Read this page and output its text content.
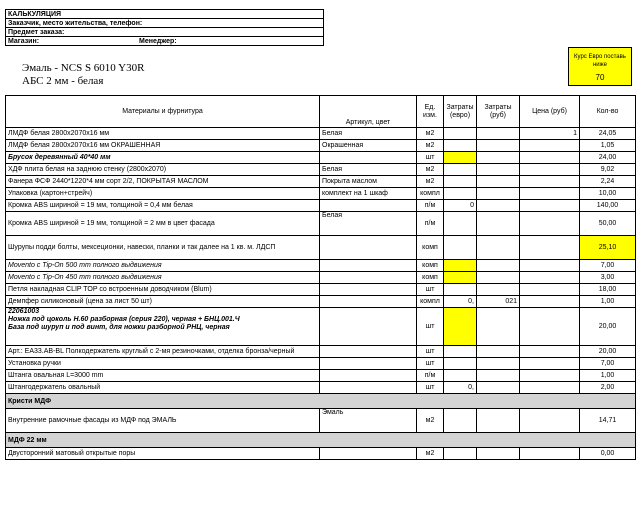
КАЛЬКУЛЯЦИЯ
Заказчик, место жительства, телефон:
Предмет заказа:
Магазин:	Менеджер:
Эмаль - NCS S 6010 Y30R
АБС 2 мм - белая
Курс Евро поставь ниже
70
Материалы и фурнитура	Артикул, цвет	Ед. изм.	Затраты (евро)	Затраты (руб)	Цена (руб)	Кол-во
ЛМДФ белая 2800x2070x16 мм	Белая	м2			1	24,05
ЛМДФ белая 2800x2070x16 мм ОКРАШЕННАЯ	Окрашенная	м2				1,05
Брусок деревянный 40*40 мм		шт				24,00
ХДФ плита белая на заднюю стенку (2800x2070)	Белая	м2				9,02
Фанера ФСФ 2440*1220*4 мм сорт 2/2, ПОКРЫТАЯ МАСЛОМ	Покрыта маслом	м2				2,24
Упаковка (картон+стрейч)	комплект на 1 шкаф	компл				10,00
Кромка ABS шириной = 19 мм, толщиной = 0,4 мм белая		п/м	0			140,00
Кромка ABS шириной = 19 мм, толщиной = 2 мм в цвет фасада	Белая	п/м				50,00
Шурупы подди болты, мексеционки, навески, планки и так далее на 1 кв. м. ЛДСП		комп				25,10
Movento с Tip-On 500 mm полного выдвижения		комп				7,00
Movento с Tip-On 450 mm полного выдвижения		комп				3,00
Петля накладная CLIP TOP со встроенным доводчиком (Blum)		шт				18,00
Демпфер силиконовый (цена за лист 50 шт)		компл	0,	021		1,00

22061003
Ножка под цоколь Н.60 разборная (серия 220), черная + БНЦ.001.Ч
База под шуруп и под винт, для ножки разборной РНЦ, черная		шт				20,00
Арт.: EA33.AB-BL Полкодержатель круглый с 2-мя резиночками, отделка бронза/черный		шт				20,00
Установка ручки		шт				7,00
Штанга овальная L=3000 mm		п/м				1,00
Штангодержатель овальный		шт	0,			2,00
Кристи МДФ						
Внутренние рамочные фасады из МДФ под ЭМАЛЬ	Эмаль	м2				14,71
МДФ 22 мм						
Двусторонний матовый открытые поры		м2				0,00
